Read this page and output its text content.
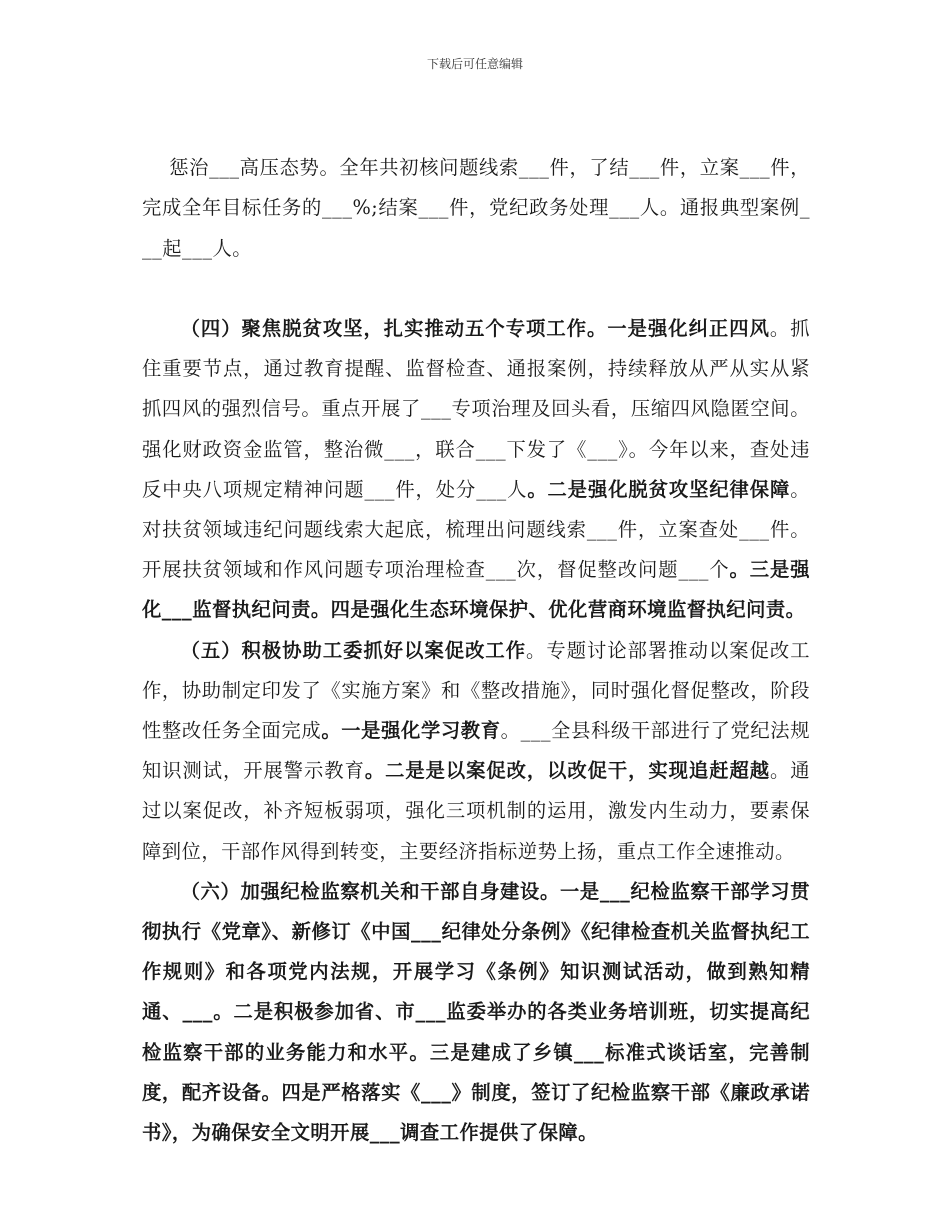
下载后可任意编辑

惩治___高压态势。全年共初核问题线索___件，了结___件，立案___件，完成全年目标任务的___%;结案___件，党纪政务处理___人。通报典型案例___起___人。

（四）聚焦脱贫攻坚，扎实推动五个专项工作。一是强化纠正四风。抓住重要节点，通过教育提醒、监督检查、通报案例，持续释放从严从实从紧抓四风的强烈信号。重点开展了___专项治理及回头看，压缩四风隐匿空间。强化财政资金监管，整治微___，联合___下发了《___》。今年以来，查处违反中央八项规定精神问题___件，处分___人。二是强化脱贫攻坚纪律保障。对扶贫领域违纪问题线索大起底，梳理出问题线索___件，立案查处___件。开展扶贫领域和作风问题专项治理检查___次，督促整改问题___个。三是强化___监督执纪问责。四是强化生态环境保护、优化营商环境监督执纪问责。

（五）积极协助工委抓好以案促改工作。专题讨论部署推动以案促改工作，协助制定印发了《实施方案》和《整改措施》，同时强化督促整改，阶段性整改任务全面完成。一是强化学习教育。___全县科级干部进行了党纪法规知识测试，开展警示教育。二是是以案促改，以改促干，实现追赶超越。通过以案促改，补齐短板弱项，强化三项机制的运用，激发内生动力，要素保障到位，干部作风得到转变，主要经济指标逆势上扬，重点工作全速推动。

（六）加强纪检监察机关和干部自身建设。一是___纪检监察干部学习贯彻执行《党章》、新修订《中国___纪律处分条例》《纪律检查机关监督执纪工作规则》和各项党内法规，开展学习《条例》知识测试活动，做到熟知精通、___。二是积极参加省、市___监委举办的各类业务培训班，切实提高纪检监察干部的业务能力和水平。三是建成了乡镇___标准式谈话室，完善制度，配齐设备。四是严格落实《___》制度，签订了纪检监察干部《廉政承诺书》，为确保安全文明开展___调查工作提供了保障。
